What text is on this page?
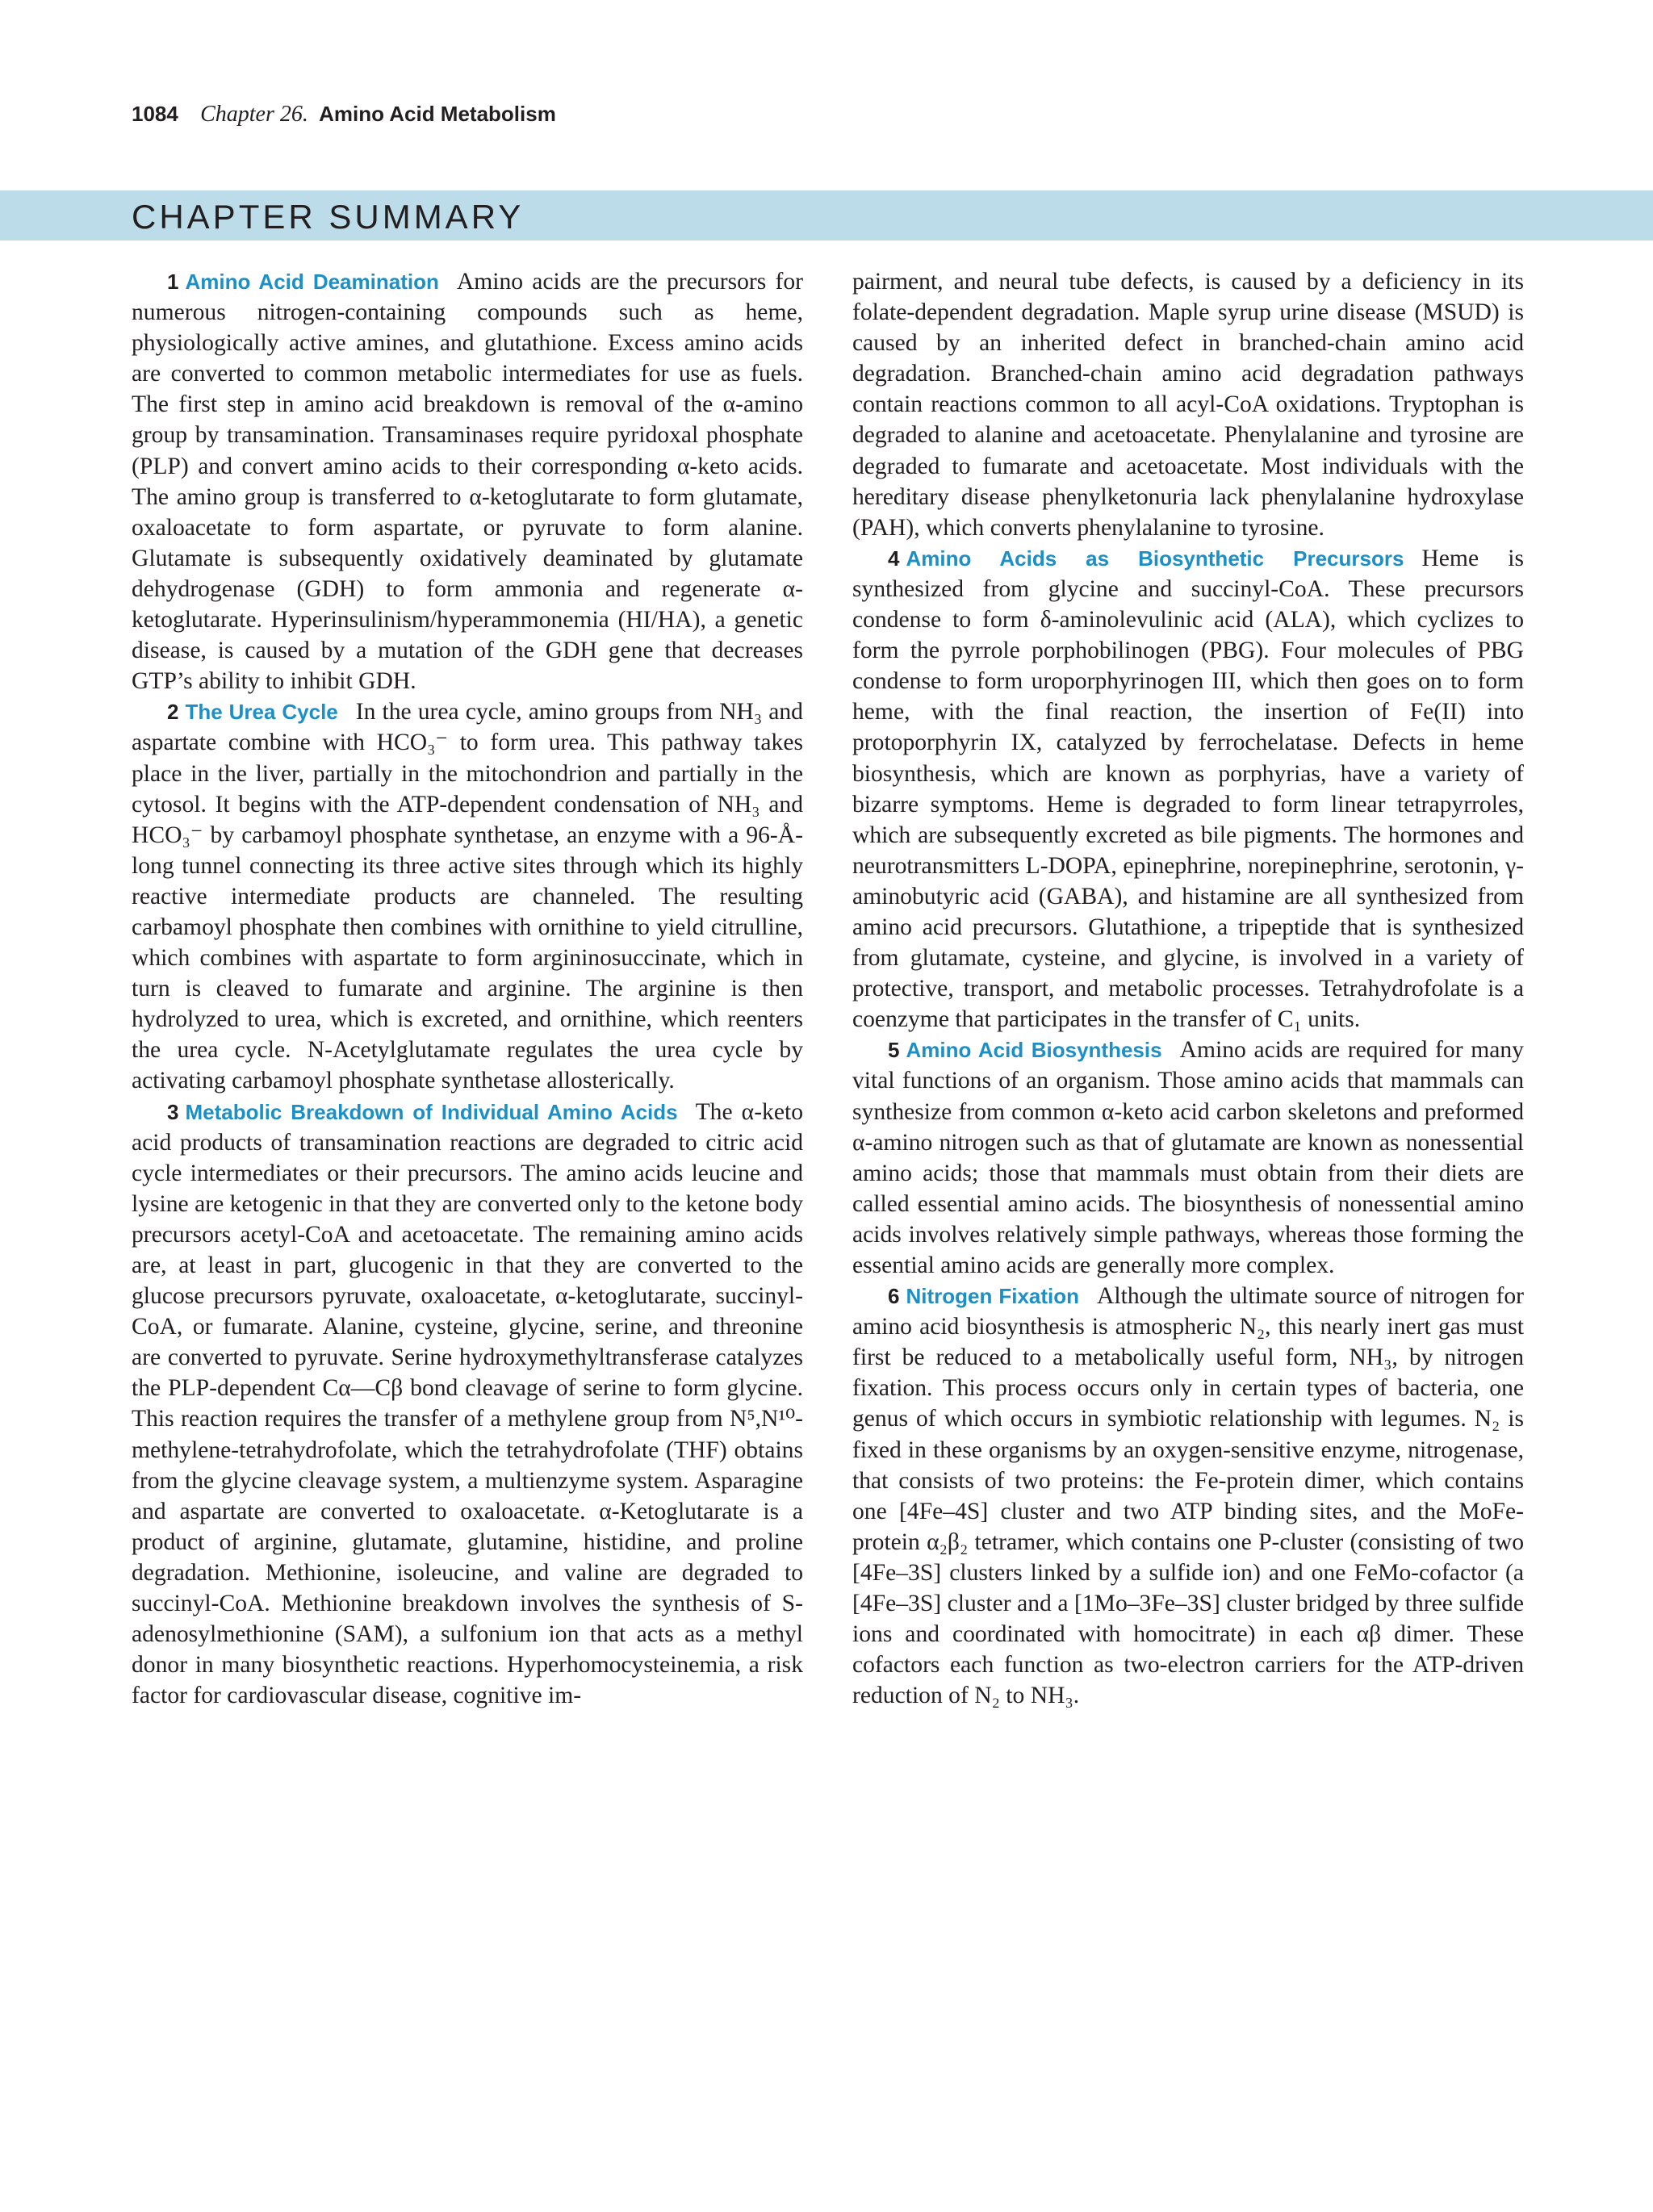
1084 Chapter 26. Amino Acid Metabolism
CHAPTER SUMMARY

1 Amino Acid Deamination Amino acids are the precursors for numerous nitrogen-containing compounds such as heme, physiologically active amines, and glutathione. Excess amino acids are converted to common metabolic intermediates for use as fuels. The first step in amino acid breakdown is removal of the α-amino group by transamination. Transaminases require pyridoxal phosphate (PLP) and convert amino acids to their corresponding α-keto acids. The amino group is transferred to α-ketoglutarate to form glutamate, oxaloacetate to form aspartate, or pyruvate to form alanine. Glutamate is subsequently oxidatively deaminated by glutamate dehydrogenase (GDH) to form ammonia and regenerate α-ketoglutarate. Hyperinsulinism/hyperammonemia (HI/HA), a genetic disease, is caused by a mutation of the GDH gene that decreases GTP’s ability to inhibit GDH.

2 The Urea Cycle In the urea cycle, amino groups from NH₃ and aspartate combine with HCO₃⁻ to form urea. This pathway takes place in the liver, partially in the mitochondrion and partially in the cytosol. It begins with the ATP-dependent condensation of NH₃ and HCO₃⁻ by carbamoyl phosphate synthetase, an enzyme with a 96-Å-long tunnel connecting its three active sites through which its highly reactive intermediate products are channeled. The resulting carbamoyl phosphate then combines with ornithine to yield citrulline, which combines with aspartate to form argininosuccinate, which in turn is cleaved to fumarate and arginine. The arginine is then hydrolyzed to urea, which is excreted, and ornithine, which reenters the urea cycle. N-Acetylglutamate regulates the urea cycle by activating carbamoyl phosphate synthetase allosterically.

3 Metabolic Breakdown of Individual Amino Acids The α-keto acid products of transamination reactions are degraded to citric acid cycle intermediates or their precursors. The amino acids leucine and lysine are ketogenic in that they are converted only to the ketone body precursors acetyl-CoA and acetoacetate. The remaining amino acids are, at least in part, glucogenic in that they are converted to the glucose precursors pyruvate, oxaloacetate, α-ketoglutarate, succinyl-CoA, or fumarate. Alanine, cysteine, glycine, serine, and threonine are converted to pyruvate. Serine hydroxymethyltransferase catalyzes the PLP-dependent Cα—Cβ bond cleavage of serine to form glycine. This reaction requires the transfer of a methylene group from N⁵,N¹⁰-methylene-tetrahydrofolate, which the tetrahydrofolate (THF) obtains from the glycine cleavage system, a multienzyme system. Asparagine and aspartate are converted to oxaloacetate. α-Ketoglutarate is a product of arginine, glutamate, glutamine, histidine, and proline degradation. Methionine, isoleucine, and valine are degraded to succinyl-CoA. Methionine breakdown involves the synthesis of S-adenosylmethionine (SAM), a sulfonium ion that acts as a methyl donor in many biosynthetic reactions. Hyperhomocysteinemia, a risk factor for cardiovascular disease, cognitive im-

pairment, and neural tube defects, is caused by a deficiency in its folate-dependent degradation. Maple syrup urine disease (MSUD) is caused by an inherited defect in branched-chain amino acid degradation. Branched-chain amino acid degradation pathways contain reactions common to all acyl-CoA oxidations. Tryptophan is degraded to alanine and acetoacetate. Phenylalanine and tyrosine are degraded to fumarate and acetoacetate. Most individuals with the hereditary disease phenylketonuria lack phenylalanine hydroxylase (PAH), which converts phenylalanine to tyrosine.

4 Amino Acids as Biosynthetic Precursors Heme is synthesized from glycine and succinyl-CoA. These precursors condense to form δ-aminolevulinic acid (ALA), which cyclizes to form the pyrrole porphobilinogen (PBG). Four molecules of PBG condense to form uroporphyrinogen III, which then goes on to form heme, with the final reaction, the insertion of Fe(II) into protoporphyrin IX, catalyzed by ferrochelatase. Defects in heme biosynthesis, which are known as porphyrias, have a variety of bizarre symptoms. Heme is degraded to form linear tetrapyrroles, which are subsequently excreted as bile pigments. The hormones and neurotransmitters L-DOPA, epinephrine, norepinephrine, serotonin, γ-aminobutyric acid (GABA), and histamine are all synthesized from amino acid precursors. Glutathione, a tripeptide that is synthesized from glutamate, cysteine, and glycine, is involved in a variety of protective, transport, and metabolic processes. Tetrahydrofolate is a coenzyme that participates in the transfer of C₁ units.

5 Amino Acid Biosynthesis Amino acids are required for many vital functions of an organism. Those amino acids that mammals can synthesize from common α-keto acid carbon skeletons and preformed α-amino nitrogen such as that of glutamate are known as nonessential amino acids; those that mammals must obtain from their diets are called essential amino acids. The biosynthesis of nonessential amino acids involves relatively simple pathways, whereas those forming the essential amino acids are generally more complex.

6 Nitrogen Fixation Although the ultimate source of nitrogen for amino acid biosynthesis is atmospheric N₂, this nearly inert gas must first be reduced to a metabolically useful form, NH₃, by nitrogen fixation. This process occurs only in certain types of bacteria, one genus of which occurs in symbiotic relationship with legumes. N₂ is fixed in these organisms by an oxygen-sensitive enzyme, nitrogenase, that consists of two proteins: the Fe-protein dimer, which contains one [4Fe–4S] cluster and two ATP binding sites, and the MoFe-protein α₂β₂ tetramer, which contains one P-cluster (consisting of two [4Fe–3S] clusters linked by a sulfide ion) and one FeMo-cofactor (a [4Fe–3S] cluster and a [1Mo–3Fe–3S] cluster bridged by three sulfide ions and coordinated with homocitrate) in each αβ dimer. These cofactors each function as two-electron carriers for the ATP-driven reduction of N₂ to NH₃.
